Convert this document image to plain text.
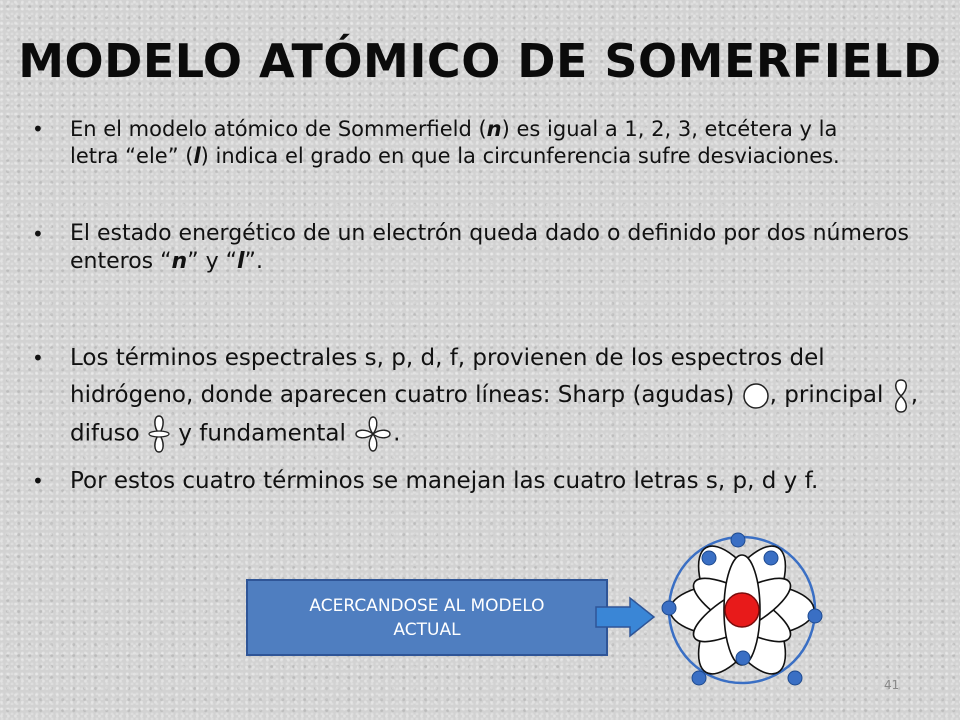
MODELO ATÓMICO DE SOMERFIELD
• En el modelo atómico de Sommerfield (n) es igual a 1, 2, 3, etcétera y la letra “ele” (l) indica el grado en que la circunferencia sufre desviaciones.
• El estado energético de un electrón queda dado o definido por dos números enteros “n” y “l”.
• Los términos espectrales s, p, d, f, provienen de los espectros del hidrógeno, donde aparecen cuatro líneas: Sharp (agudas) , principal , difuso  y fundamental .
• Por estos cuatro términos se manejan las cuatro letras s, p, d y f.
ACERCANDOSE AL MODELO ACTUAL
41
